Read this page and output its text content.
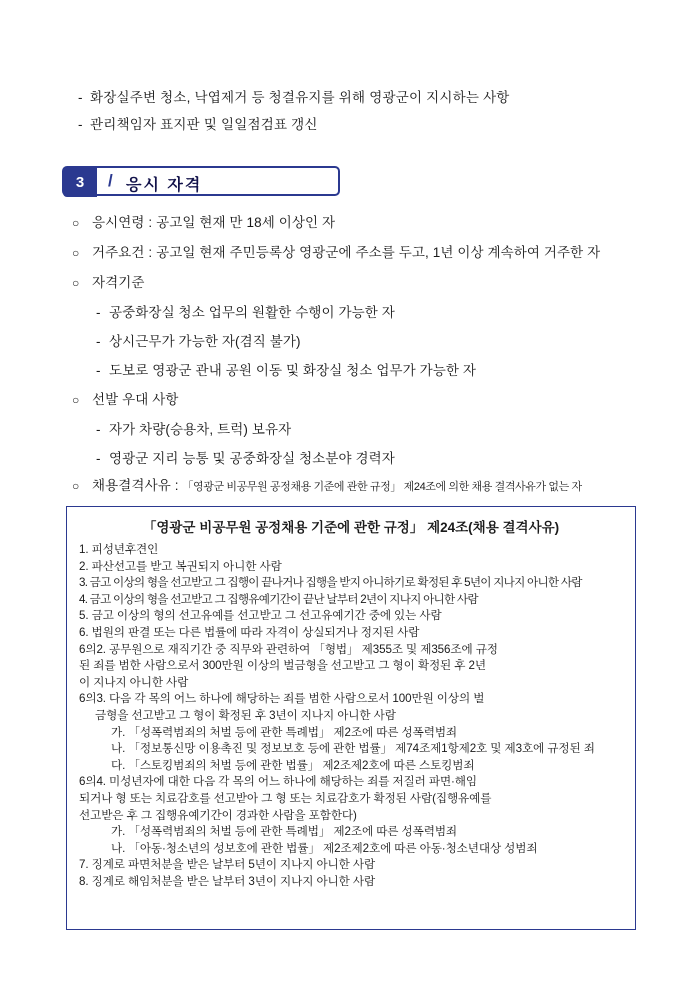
- 화장실주변 청소, 낙엽제거 등 청결유지를 위해 영광군이 지시하는 사항
- 관리책임자 표지판 및 일일점검표 갱신
3	/ 응시 자격
○ 응시연령 : 공고일 현재 만 18세 이상인 자
○ 거주요건 : 공고일 현재 주민등록상 영광군에 주소를 두고, 1년 이상 계속하여 거주한 자
○ 자격기준
- 공중화장실 청소 업무의 원활한 수행이 가능한 자
- 상시근무가 가능한 자(겸직 불가)
- 도보로 영광군 관내 공원 이동 및 화장실 청소 업무가 가능한 자
○ 선발 우대 사항
- 자가 차량(승용차, 트럭) 보유자
- 영광군 지리 능통 및 공중화장실 청소분야 경력자
○ 채용결격사유 : 「영광군 비공무원 공정채용 기준에 관한 규정」 제24조에 의한 채용 결격사유가 없는 자
「영광군 비공무원 공정채용 기준에 관한 규정」 제24조(채용 결격사유)
1. 피성년후견인
2. 파산선고를 받고 복권되지 아니한 사람
3. 금고 이상의 형을 선고받고 그 집행이 끝나거나 집행을 받지 아니하기로 확정된 후 5년이 지나지 아니한 사람
4. 금고 이상의 형을 선고받고 그 집행유예기간이 끝난 날부터 2년이 지나지 아니한 사람
5. 금고 이상의 형의 선고유예를 선고받고 그 선고유예기간 중에 있는 사람
6. 법원의 판결 또는 다른 법률에 따라 자격이 상실되거나 정지된 사람
6의2. 공무원으로 재직기간 중 직무와 관련하여 「형법」 제355조 및 제356조에 규정
된 죄를 범한 사람으로서 300만원 이상의 벌금형을 선고받고 그 형이 확정된 후 2년
이 지나지 아니한 사람
6의3. 다음 각 목의 어느 하나에 해당하는 죄를 범한 사람으로서 100만원 이상의 벌
금형을 선고받고 그 형이 확정된 후 3년이 지나지 아니한 사람
가. 「성폭력범죄의 처벌 등에 관한 특례법」 제2조에 따른 성폭력범죄
나. 「정보통신망 이용촉진 및 정보보호 등에 관한 법률」 제74조제1항제2호 및 제3호에 규정된 죄
다. 「스토킹범죄의 처벌 등에 관한 법률」 제2조제2호에 따른 스토킹범죄
6의4. 미성년자에 대한 다음 각 목의 어느 하나에 해당하는 죄를 저질러 파면·해임
되거나 형 또는 치료감호를 선고받아 그 형 또는 치료감호가 확정된 사람(집행유예를
선고받은 후 그 집행유예기간이 경과한 사람을 포함한다)
가. 「성폭력범죄의 처벌 등에 관한 특례법」 제2조에 따른 성폭력범죄
나. 「아동·청소년의 성보호에 관한 법률」 제2조제2호에 따른 아동·청소년대상 성범죄
7. 징계로 파면처분을 받은 날부터 5년이 지나지 아니한 사람
8. 징계로 해임처분을 받은 날부터 3년이 지나지 아니한 사람
